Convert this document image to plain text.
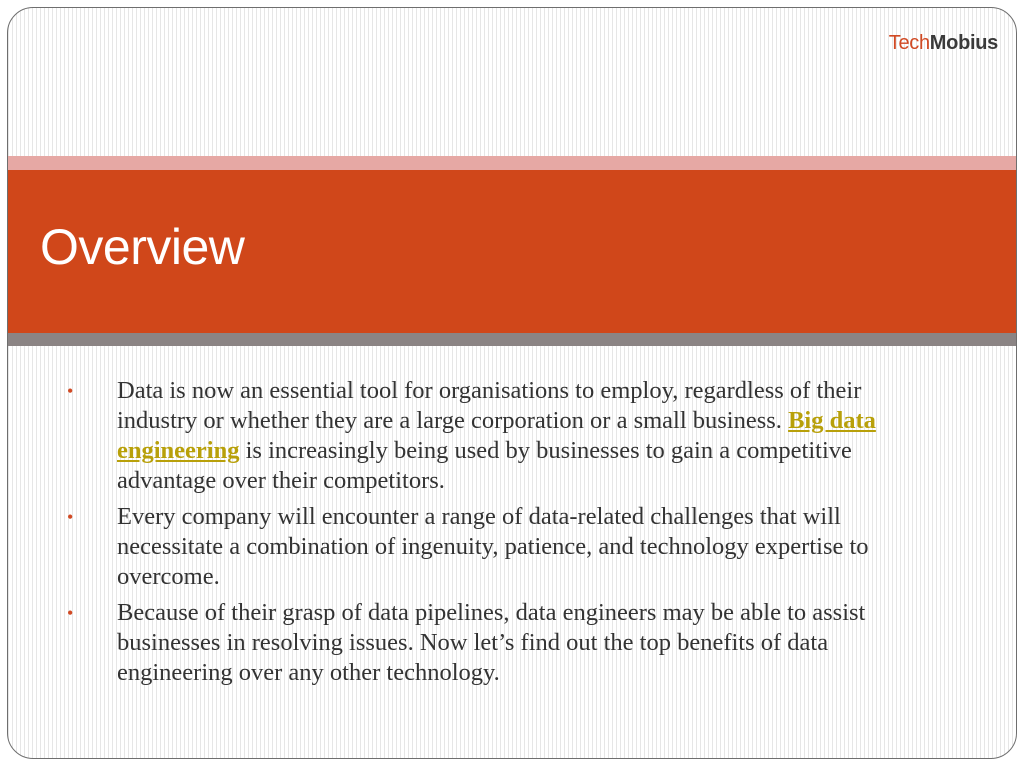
TechMobius
Overview
• Data is now an essential tool for organisations to employ, regardless of their industry or whether they are a large corporation or a small business. Big data engineering is increasingly being used by businesses to gain a competitive advantage over their competitors.
• Every company will encounter a range of data-related challenges that will necessitate a combination of ingenuity, patience, and technology expertise to overcome.
• Because of their grasp of data pipelines, data engineers may be able to assist businesses in resolving issues. Now let’s find out the top benefits of data engineering over any other technology.
